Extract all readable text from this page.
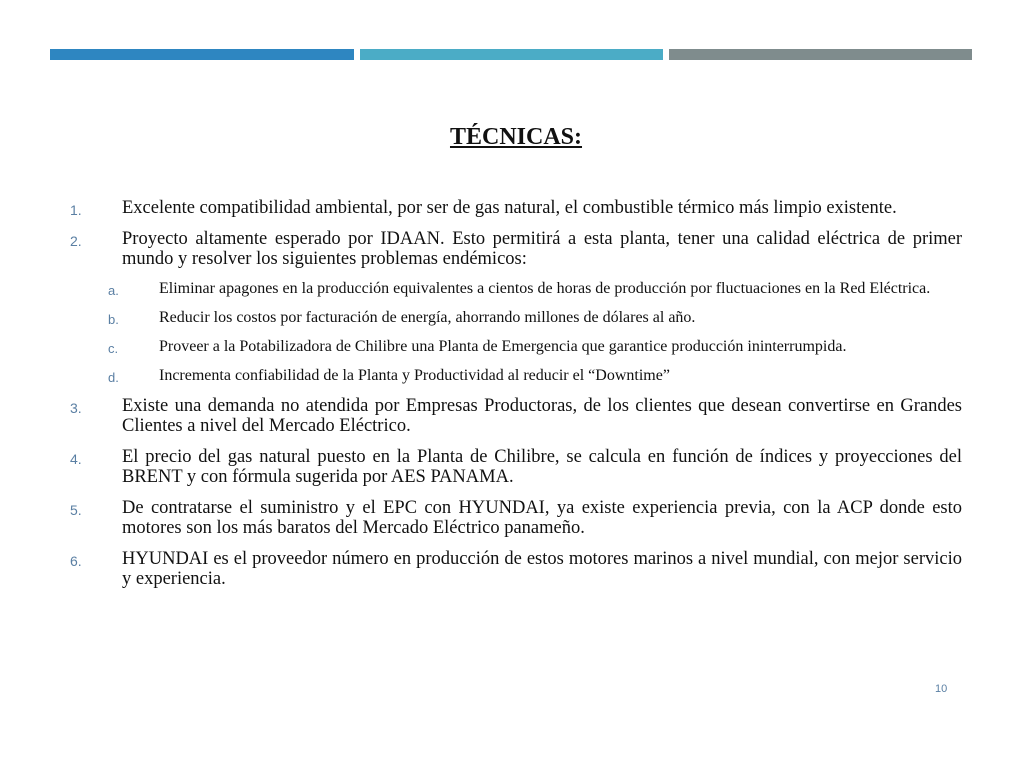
TÉCNICAS:
1. Excelente compatibilidad ambiental, por ser de gas natural, el combustible térmico más limpio existente.
2. Proyecto altamente esperado por IDAAN. Esto permitirá a esta planta, tener una calidad eléctrica de primer mundo y resolver los siguientes problemas endémicos:
a.	Eliminar apagones en la producción equivalentes a cientos de horas de producción por fluctuaciones en la Red Eléctrica.
b.	Reducir los costos por facturación de energía, ahorrando millones de dólares al año.
c.	Proveer a la Potabilizadora de Chilibre una Planta de Emergencia que garantice producción ininterrumpida.
d.	Incrementa confiabilidad de la Planta y Productividad al reducir el “Downtime”
3. Existe una demanda no atendida por Empresas Productoras, de los clientes que desean convertirse en Grandes Clientes a nivel del Mercado Eléctrico.
4. El precio del gas natural puesto en la Planta de Chilibre, se calcula en función de índices y proyecciones del BRENT y con fórmula sugerida por AES PANAMA.
5. De contratarse el suministro y el EPC con HYUNDAI, ya existe experiencia previa, con la ACP donde esto motores son los más baratos del Mercado Eléctrico panameño.
6. HYUNDAI es el proveedor número en producción de estos motores marinos a nivel mundial, con mejor servicio y experiencia.
10
